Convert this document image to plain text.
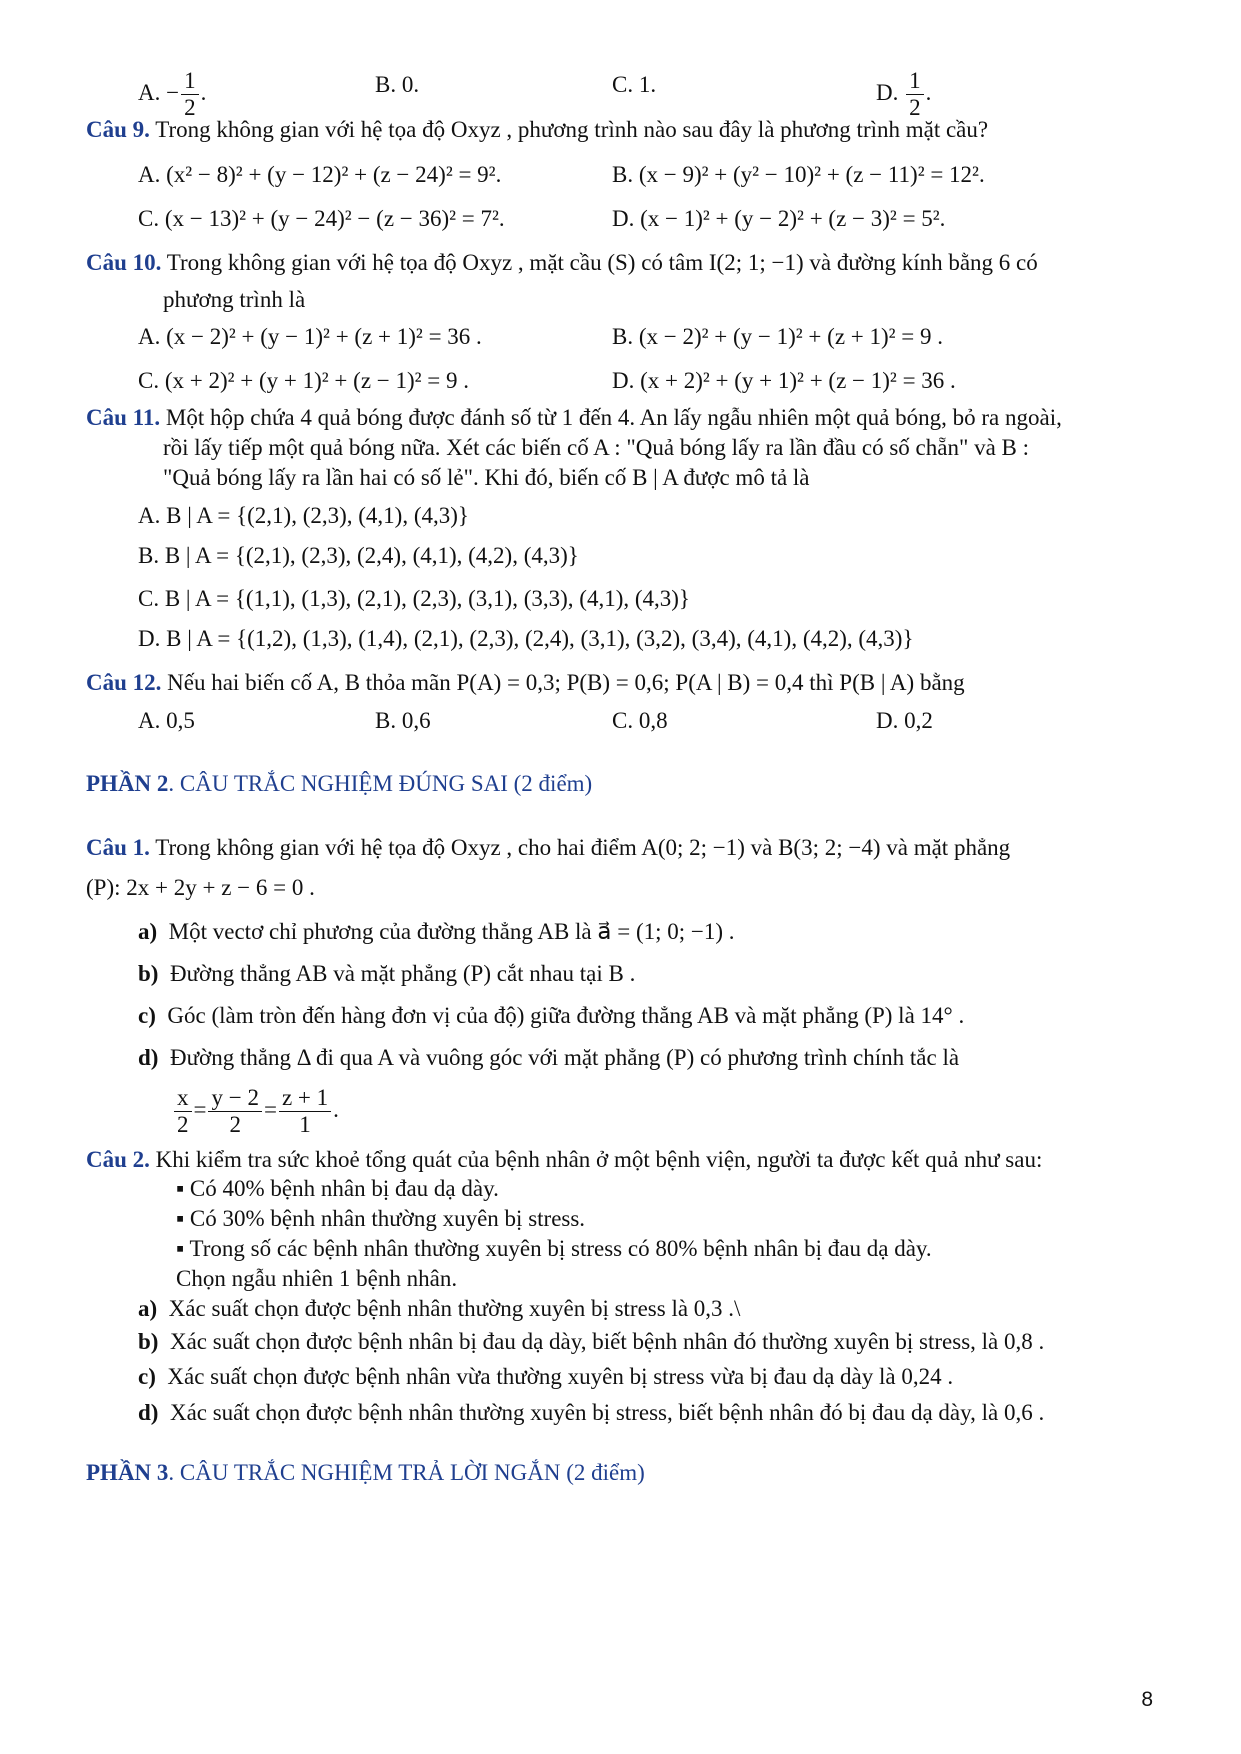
A. − $\frac{1}{2}$ .	B. 0.	C. 1.	D. $\frac{1}{2}$ .
Câu 9. Trong không gian với hệ tọa độ Oxyz , phương trình nào sau đây là phương trình mặt cầu?
A. (x² − 8)² + (y − 12)² + (z − 24)² = 9².	B. (x − 9)² + (y² − 10)² + (z − 11)² = 12².
C. (x − 13)² + (y − 24)² − (z − 36)² = 7².	D. (x − 1)² + (y − 2)² + (z − 3)² = 5².
Câu 10. Trong không gian với hệ tọa độ Oxyz , mặt cầu (S) có tâm I(2; 1; −1) và đường kính bằng 6 có
phương trình là
A. (x − 2)² + (y − 1)² + (z + 1)² = 36 .	B. (x − 2)² + (y − 1)² + (z + 1)² = 9 .
C. (x + 2)² + (y + 1)² + (z − 1)² = 9 .	D. (x + 2)² + (y + 1)² + (z − 1)² = 36 .
Câu 11. Một hộp chứa 4 quả bóng được đánh số từ 1 đến 4. An lấy ngẫu nhiên một quả bóng, bỏ ra ngoài,
rồi lấy tiếp một quả bóng nữa. Xét các biến cố A : "Quả bóng lấy ra lần đầu có số chẵn" và B :
"Quả bóng lấy ra lần hai có số lẻ". Khi đó, biến cố B | A được mô tả là
A. B | A = {(2,1), (2,3), (4,1), (4,3)}
B. B | A = {(2,1), (2,3), (2,4), (4,1), (4,2), (4,3)}
C. B | A = {(1,1), (1,3), (2,1), (2,3), (3,1), (3,3), (4,1), (4,3)}
D. B | A = {(1,2), (1,3), (1,4), (2,1), (2,3), (2,4), (3,1), (3,2), (3,4), (4,1), (4,2), (4,3)}
Câu 12. Nếu hai biến cố A, B thỏa mãn P(A) = 0,3; P(B) = 0,6; P(A | B) = 0,4 thì P(B | A) bằng
A. 0,5	B. 0,6	C. 0,8	D. 0,2
PHẦN 2. CÂU TRẮC NGHIỆM ĐÚNG SAI (2 điểm)
Câu 1. Trong không gian với hệ tọa độ Oxyz , cho hai điểm A(0; 2; −1) và B(3; 2; −4) và mặt phẳng
(P): 2x + 2y + z − 6 = 0 .
a) Một vectơ chỉ phương của đường thẳng AB là a⃗ = (1; 0; −1) .
b) Đường thẳng AB và mặt phẳng (P) cắt nhau tại B .
c) Góc (làm tròn đến hàng đơn vị của độ) giữa đường thẳng AB và mặt phẳng (P) là 14° .
d) Đường thẳng Δ đi qua A và vuông góc với mặt phẳng (P) có phương trình chính tắc là
$\frac{x}{2} = \frac{y - 2}{2} = \frac{z + 1}{1}$ .
Câu 2. Khi kiểm tra sức khoẻ tổng quát của bệnh nhân ở một bệnh viện, người ta được kết quả như sau:
▪ Có 40% bệnh nhân bị đau dạ dày.
▪ Có 30% bệnh nhân thường xuyên bị stress.
▪ Trong số các bệnh nhân thường xuyên bị stress có 80% bệnh nhân bị đau dạ dày.
Chọn ngẫu nhiên 1 bệnh nhân.
a) Xác suất chọn được bệnh nhân thường xuyên bị stress là 0,3 .\
b) Xác suất chọn được bệnh nhân bị đau dạ dày, biết bệnh nhân đó thường xuyên bị stress, là 0,8 .
c) Xác suất chọn được bệnh nhân vừa thường xuyên bị stress vừa bị đau dạ dày là 0,24 .
d) Xác suất chọn được bệnh nhân thường xuyên bị stress, biết bệnh nhân đó bị đau dạ dày, là 0,6 .
PHẦN 3. CÂU TRẮC NGHIỆM TRẢ LỜI NGẮN (2 điểm)
8
